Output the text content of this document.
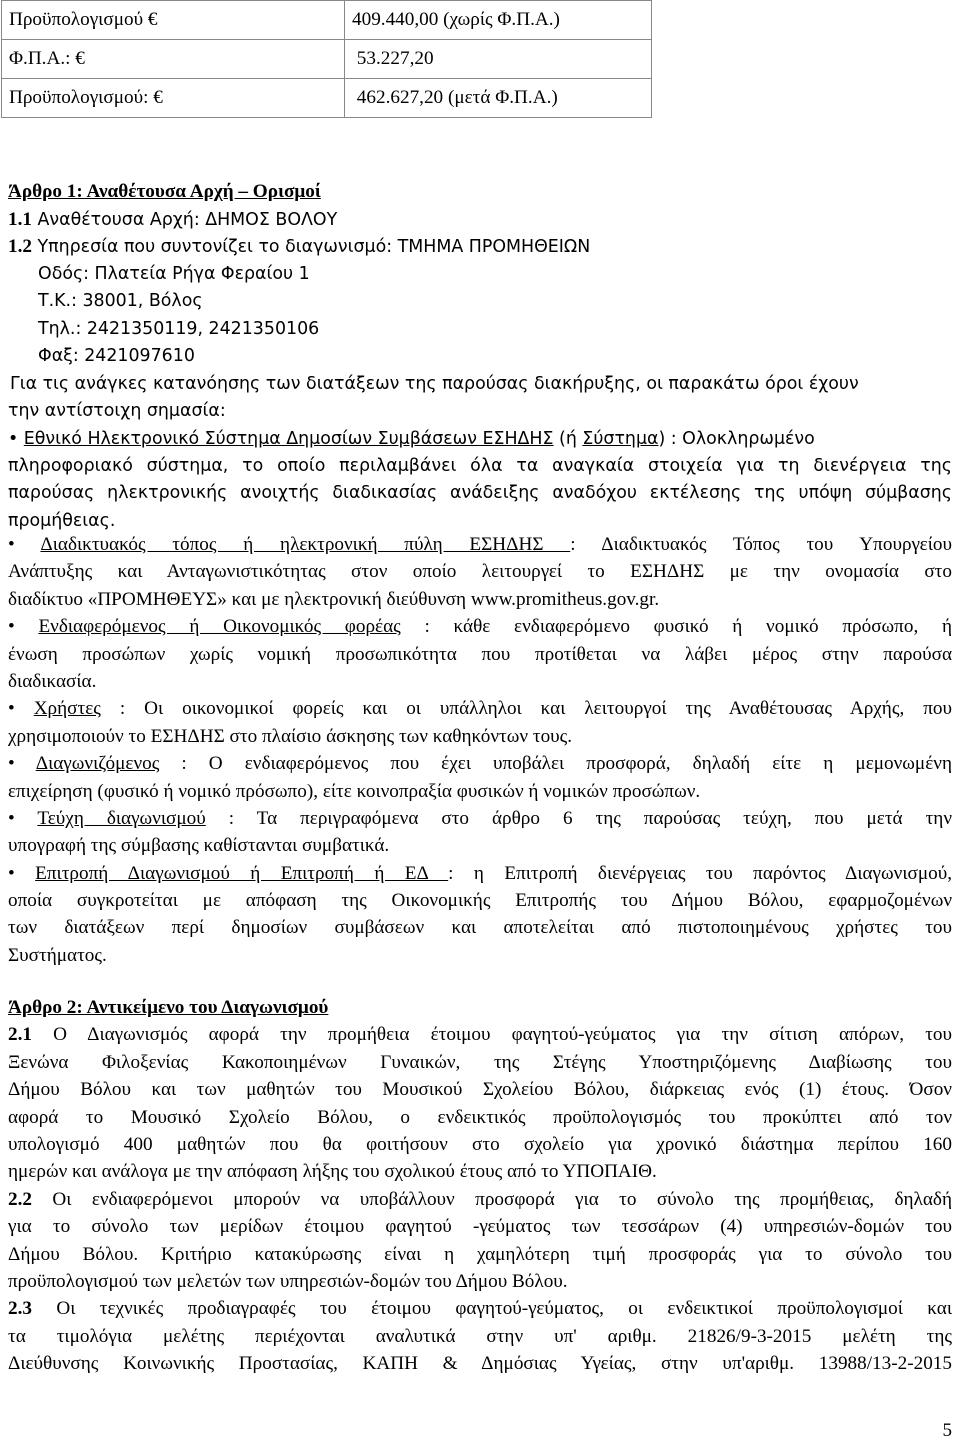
Προϋπολογισμού €	409.440,00 (χωρίς Φ.Π.Α.)
Φ.Π.Α.: €	53.227,20
Προϋπολογισμού: €	462.627,20 (μετά Φ.Π.Α.)
Άρθρο 1: Αναθέτουσα Αρχή – Ορισμοί
1.1 Αναθέτουσα Αρχή: ΔΗΜΟΣ ΒΟΛΟΥ
1.2 Υπηρεσία που συντονίζει το διαγωνισμό: ΤΜΗΜΑ ΠΡΟΜΗΘΕΙΩΝ
Οδός: Πλατεία Ρήγα Φεραίου 1
Τ.Κ.: 38001, Βόλος
Τηλ.: 2421350119, 2421350106
Φαξ: 2421097610
Για τις ανάγκες κατανόησης των διατάξεων της παρούσας διακήρυξης, οι παρακάτω όροι έχουν
την αντίστοιχη σημασία:
• Εθνικό Ηλεκτρονικό Σύστημα Δημοσίων Συμβάσεων ΕΣΗΔΗΣ (ή Σύστημα) : Ολοκληρωμένο
πληροφοριακό σύστημα, το οποίο περιλαμβάνει όλα τα αναγκαία στοιχεία για τη διενέργεια της
παρούσας ηλεκτρονικής ανοιχτής διαδικασίας ανάδειξης αναδόχου εκτέλεσης της υπόψη σύμβασης
προμήθειας.
• Διαδικτυακός τόπος ή ηλεκτρονική πύλη ΕΣΗΔΗΣ : Διαδικτυακός Τόπος του Υπουργείου
Ανάπτυξης και Ανταγωνιστικότητας στον οποίο λειτουργεί το ΕΣΗΔΗΣ με την ονομασία στο
διαδίκτυο «ΠΡΟΜΗΘΕΥΣ» και με ηλεκτρονική διεύθυνση www.promitheus.gov.gr.
• Ενδιαφερόμενος ή Οικονομικός φορέας : κάθε ενδιαφερόμενο φυσικό ή νομικό πρόσωπο, ή
ένωση προσώπων χωρίς νομική προσωπικότητα που προτίθεται να λάβει μέρος στην παρούσα
διαδικασία.
• Χρήστες : Οι οικονομικοί φορείς και οι υπάλληλοι και λειτουργοί της Αναθέτουσας Αρχής, που
χρησιμοποιούν το ΕΣΗΔΗΣ στο πλαίσιο άσκησης των καθηκόντων τους.
• Διαγωνιζόμενος : Ο ενδιαφερόμενος που έχει υποβάλει προσφορά, δηλαδή είτε η μεμονωμένη
επιχείρηση (φυσικό ή νομικό πρόσωπο), είτε κοινοπραξία φυσικών ή νομικών προσώπων.
• Τεύχη διαγωνισμού : Τα περιγραφόμενα στο άρθρο 6 της παρούσας τεύχη, που μετά την
υπογραφή της σύμβασης καθίστανται συμβατικά.
• Επιτροπή Διαγωνισμού ή Επιτροπή ή ΕΔ : η Επιτροπή διενέργειας του παρόντος Διαγωνισμού,
οποία συγκροτείται με απόφαση της Οικονομικής Επιτροπής του Δήμου Βόλου, εφαρμοζομένων
των διατάξεων περί δημοσίων συμβάσεων και αποτελείται από πιστοποιημένους χρήστες του
Συστήματος.
Άρθρο 2: Αντικείμενο του Διαγωνισμού
2.1 Ο Διαγωνισμός αφορά την προμήθεια έτοιμου φαγητού-γεύματος για την σίτιση απόρων, του
Ξενώνα Φιλοξενίας Κακοποιημένων Γυναικών, της Στέγης Υποστηριζόμενης Διαβίωσης του
Δήμου Βόλου και των μαθητών του Μουσικού Σχολείου Βόλου, διάρκειας ενός (1) έτους. Όσον
αφορά το Μουσικό Σχολείο Βόλου, ο ενδεικτικός προϋπολογισμός του προκύπτει από τον
υπολογισμό 400 μαθητών που θα φοιτήσουν στο σχολείο για χρονικό διάστημα περίπου 160
ημερών και ανάλογα με την απόφαση λήξης του σχολικού έτους από το ΥΠΟΠΑΙΘ.
2.2 Οι ενδιαφερόμενοι μπορούν να υποβάλλουν προσφορά για το σύνολο της προμήθειας, δηλαδή
για το σύνολο των μερίδων έτοιμου φαγητού -γεύματος των τεσσάρων (4) υπηρεσιών-δομών του
Δήμου Βόλου. Κριτήριο κατακύρωσης είναι η χαμηλότερη τιμή προσφοράς για το σύνολο του
προϋπολογισμού των μελετών των υπηρεσιών-δομών του Δήμου Βόλου.
2.3 Οι τεχνικές προδιαγραφές του έτοιμου φαγητού-γεύματος, οι ενδεικτικοί προϋπολογισμοί και
τα τιμολόγια μελέτης περιέχονται αναλυτικά στην υπ' αριθμ. 21826/9-3-2015 μελέτη της
Διεύθυνσης Κοινωνικής Προστασίας, ΚΑΠΗ & Δημόσιας Υγείας, στην υπ'αριθμ. 13988/13-2-2015
5
